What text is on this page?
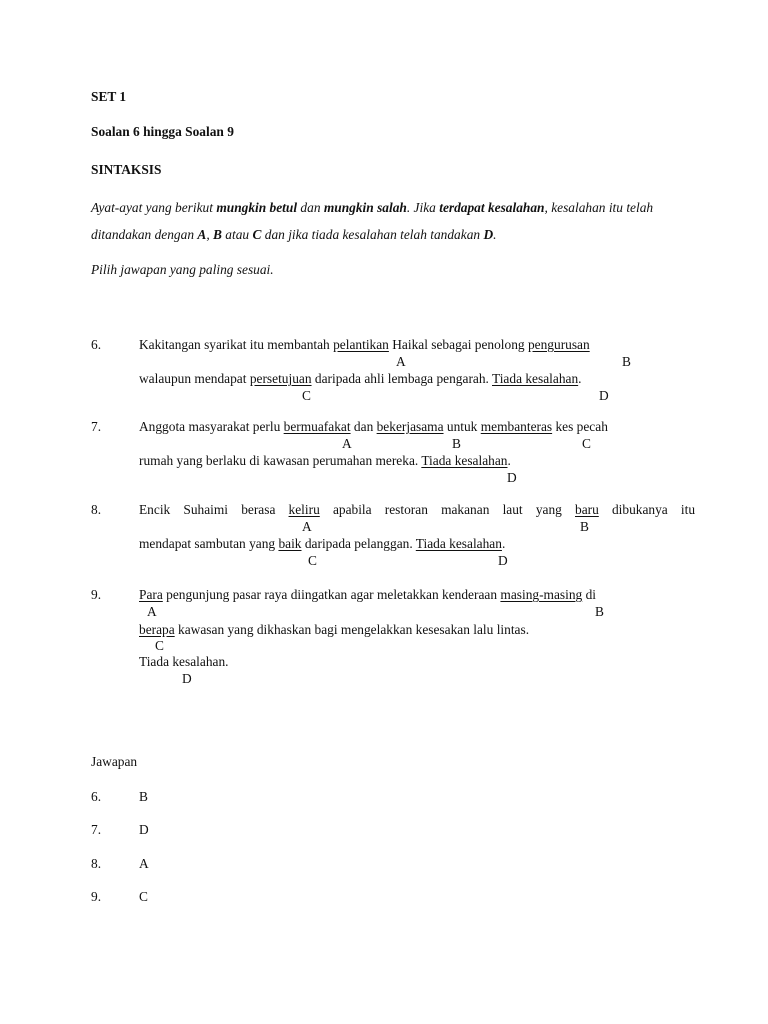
SET 1
Soalan 6 hingga Soalan 9
SINTAKSIS
Ayat-ayat yang berikut mungkin betul dan mungkin salah. Jika terdapat kesalahan, kesalahan itu telah ditandakan dengan A, B atau C dan jika tiada kesalahan telah tandakan D.
Pilih jawapan yang paling sesuai.
6.	Kakitangan syarikat itu membantah pelantikan Haikal sebagai penolong pengurusan
A	B
walaupun mendapat persetujuan daripada ahli lembaga pengarah. Tiada kesalahan.
C	D
7.	Anggota masyarakat perlu bermuafakat dan bekerjasama untuk membanteras kes pecah
A	B	C
rumah yang berlaku di kawasan perumahan mereka. Tiada kesalahan.
D
8.	Encik Suhaimi berasa keliru apabila restoran makanan laut yang baru dibukanya itu
A	B
mendapat sambutan yang baik daripada pelanggan. Tiada kesalahan.
C	D
9.	Para pengunjung pasar raya diingatkan agar meletakkan kenderaan masing-masing di
A	B
berapa kawasan yang dikhaskan bagi mengelakkan kesesakan lalu lintas.
C
Tiada kesalahan.
D
Jawapan
6.	B
7.	D
8.	A
9.	C
